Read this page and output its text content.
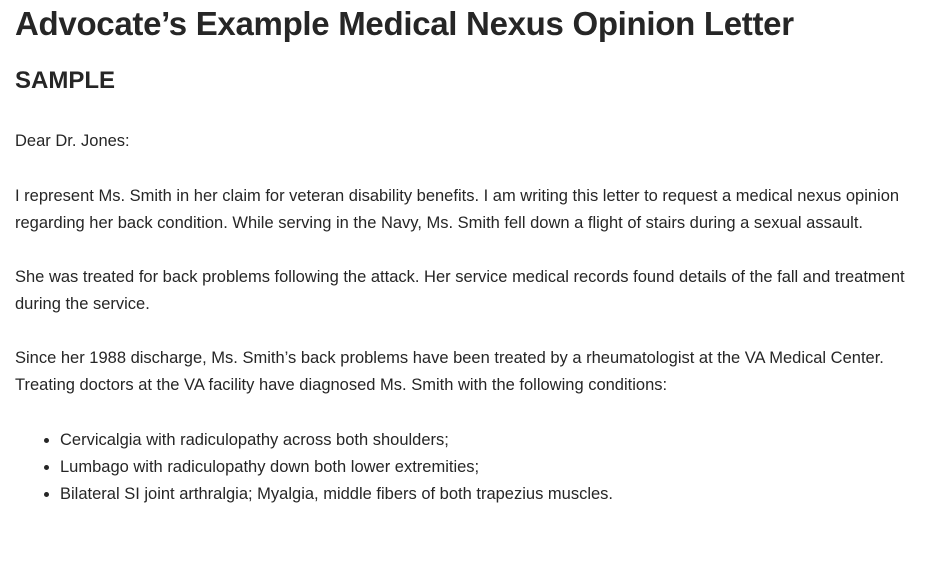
Advocate’s Example Medical Nexus Opinion Letter
SAMPLE

Dear Dr. Jones:

I represent Ms. Smith in her claim for veteran disability benefits. I am writing this letter to request a medical nexus opinion regarding her back condition. While serving in the Navy, Ms. Smith fell down a flight of stairs during a sexual assault.

She was treated for back problems following the attack. Her service medical records found details of the fall and treatment during the service.

Since her 1988 discharge, Ms. Smith’s back problems have been treated by a rheumatologist at the VA Medical Center. Treating doctors at the VA facility have diagnosed Ms. Smith with the following conditions:

• Cervicalgia with radiculopathy across both shoulders;
• Lumbago with radiculopathy down both lower extremities;
• Bilateral SI joint arthralgia; Myalgia, middle fibers of both trapezius muscles.
